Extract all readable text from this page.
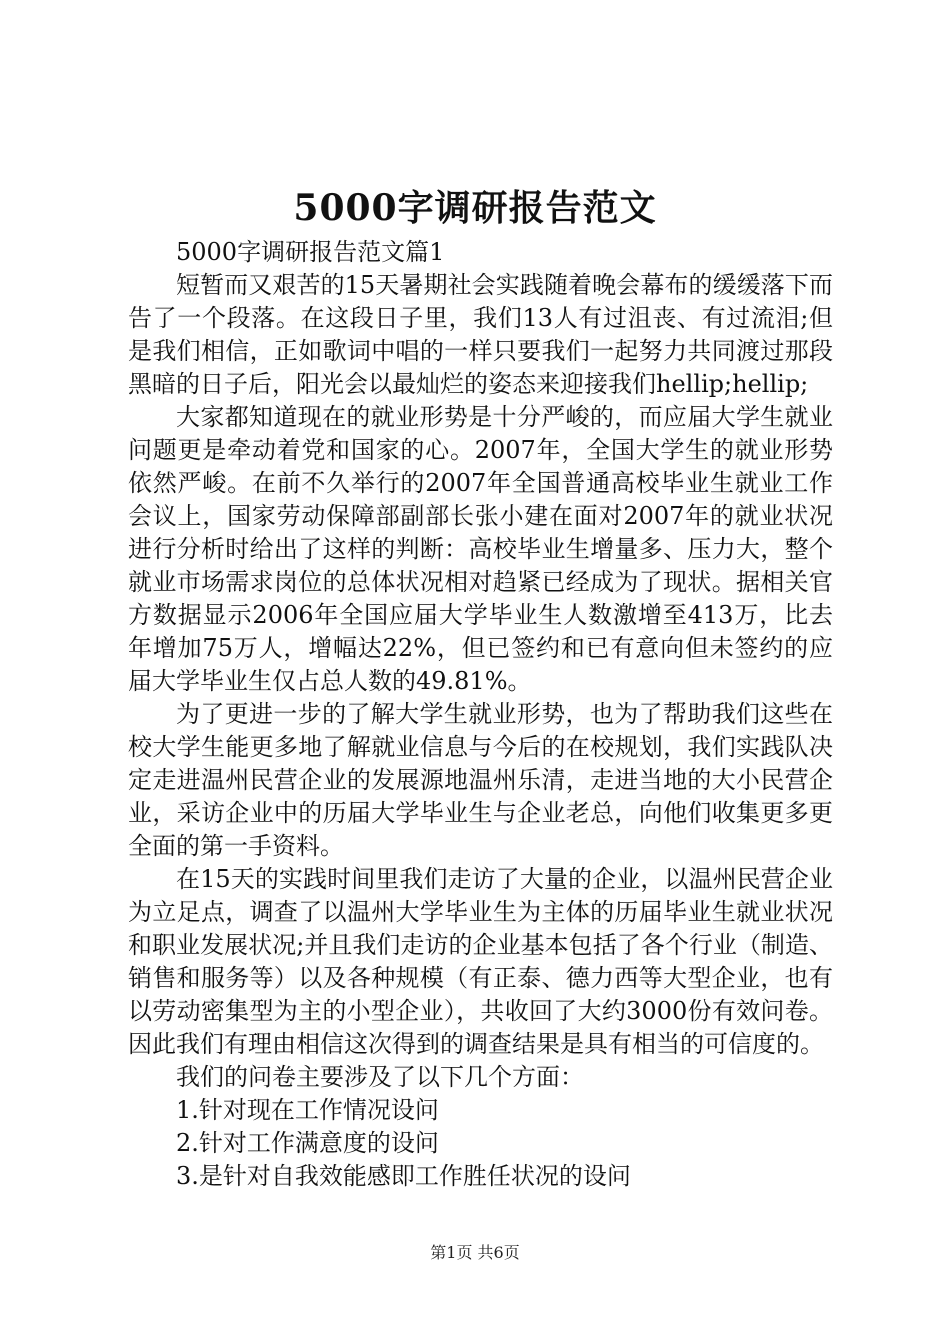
5000字调研报告范文

5000字调研报告范文篇1

短暂而又艰苦的15天暑期社会实践随着晚会幕布的缓缓落下而告了一个段落。在这段日子里，我们13人有过沮丧、有过流泪;但是我们相信，正如歌词中唱的一样只要我们一起努力共同渡过那段黑暗的日子后，阳光会以最灿烂的姿态来迎接我们hellip;hellip;

大家都知道现在的就业形势是十分严峻的，而应届大学生就业问题更是牵动着党和国家的心。2007年，全国大学生的就业形势依然严峻。在前不久举行的2007年全国普通高校毕业生就业工作会议上，国家劳动保障部副部长张小建在面对2007年的就业状况进行分析时给出了这样的判断：高校毕业生增量多、压力大，整个就业市场需求岗位的总体状况相对趋紧已经成为了现状。据相关官方数据显示2006年全国应届大学毕业生人数激增至413万，比去年增加75万人，增幅达22%，但已签约和已有意向但未签约的应届大学毕业生仅占总人数的49.81%。

为了更进一步的了解大学生就业形势，也为了帮助我们这些在校大学生能更多地了解就业信息与今后的在校规划，我们实践队决定走进温州民营企业的发展源地温州乐清，走进当地的大小民营企业，采访企业中的历届大学毕业生与企业老总，向他们收集更多更全面的第一手资料。

在15天的实践时间里我们走访了大量的企业，以温州民营企业为立足点，调查了以温州大学毕业生为主体的历届毕业生就业状况和职业发展状况;并且我们走访的企业基本包括了各个行业（制造、销售和服务等）以及各种规模（有正泰、德力西等大型企业，也有以劳动密集型为主的小型企业），共收回了大约3000份有效问卷。因此我们有理由相信这次得到的调查结果是具有相当的可信度的。

我们的问卷主要涉及了以下几个方面：

1.针对现在工作情况设问

2.针对工作满意度的设问

3.是针对自我效能感即工作胜任状况的设问

第1页 共6页
